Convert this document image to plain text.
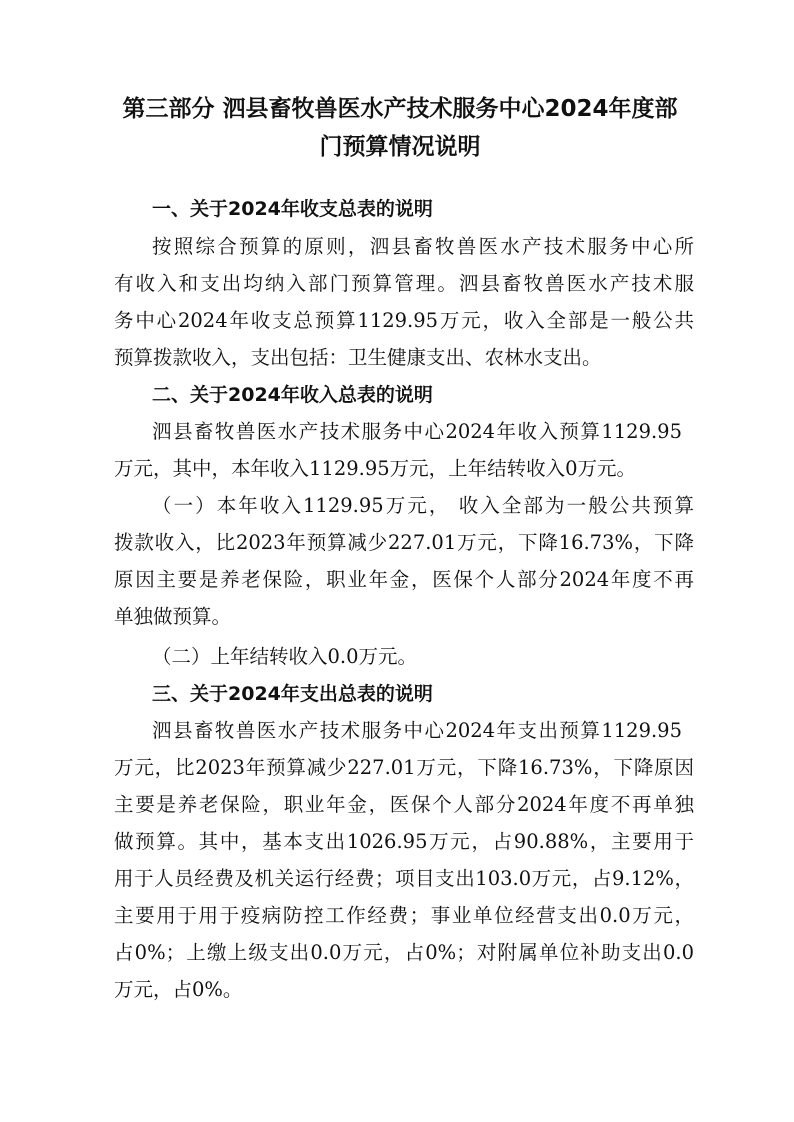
第三部分 泗县畜牧兽医水产技术服务中心2024年度部
门预算情况说明
一、关于2024年收支总表的说明

按照综合预算的原则，泗县畜牧兽医水产技术服务中心所

有收入和支出均纳入部门预算管理。泗县畜牧兽医水产技术服

务中心2024年收支总预算1129.95万元，收入全部是一般公共

预算拨款收入，支出包括：卫生健康支出、农林水支出。

二、关于2024年收入总表的说明

泗县畜牧兽医水产技术服务中心2024年收入预算1129.95

万元，其中，本年收入1129.95万元，上年结转收入0万元。

（一）本年收入1129.95万元， 收入全部为一般公共预算

拨款收入，比2023年预算减少227.01万元，下降16.73%，下降

原因主要是养老保险，职业年金，医保个人部分2024年度不再

单独做预算。

（二）上年结转收入0.0万元。

三、关于2024年支出总表的说明

泗县畜牧兽医水产技术服务中心2024年支出预算1129.95

万元，比2023年预算减少227.01万元，下降16.73%，下降原因

主要是养老保险，职业年金，医保个人部分2024年度不再单独

做预算。其中，基本支出1026.95万元，占90.88%，主要用于

用于人员经费及机关运行经费；项目支出103.0万元，占9.12%，

主要用于用于疫病防控工作经费；事业单位经营支出0.0万元，

占0%；上缴上级支出0.0万元，占0%；对附属单位补助支出0.0

万元，占0%。
